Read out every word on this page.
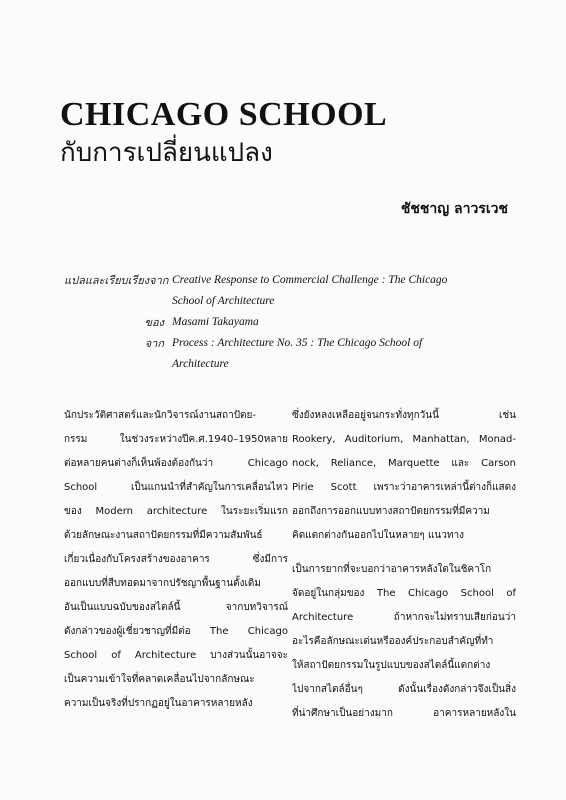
CHICAGO SCHOOL
กับการเปลี่ยนแปลง
ชัชชาญ ลาวรเวช
แปลและเรียบเรียงจาก Creative Response to Commercial Challenge : The Chicago
School of Architecture
ของ Masami Takayama
จาก Process : Architecture No. 35 : The Chicago School of
Architecture
นักประวัติศาสตร์และนักวิจารณ์งานสถาปัตย-
กรรม ในช่วงระหว่างปีค.ศ.1940–1950หลาย
ต่อหลายคนต่างก็เห็นพ้องต้องกันว่า Chicago
School เป็นแกนนำที่สำคัญในการเคลื่อนไหว
ของ Modern architecture ในระยะเริ่มแรก
ด้วยลักษณะงานสถาปัตยกรรมที่มีความสัมพันธ์
เกี่ยวเนื่องกับโครงสร้างของอาคาร ซึ่งมีการ
ออกแบบที่สืบทอดมาจากปรัชญาพื้นฐานดั้งเดิม
อันเป็นแบบฉบับของสไตล์นี้ จากบทวิจารณ์
ดังกล่าวของผู้เชี่ยวชาญที่มีต่อ The Chicago
School of Architecture บางส่วนนั้นอาจจะ
เป็นความเข้าใจที่คลาดเคลื่อนไปจากลักษณะ
ความเป็นจริงที่ปรากฏอยู่ในอาคารหลายหลัง
ซึ่งยังหลงเหลืออยู่จนกระทั่งทุกวันนี้ เช่น
Rookery, Auditorium, Manhattan, Monad-
nock, Reliance, Marquette และ Carson
Pirie Scott เพราะว่าอาคารเหล่านี้ต่างก็แสดง
ออกถึงการออกแบบทางสถาปัตยกรรมที่มีความ
คิดแตกต่างกันออกไปในหลายๆ แนวทาง
เป็นการยากที่จะบอกว่าอาคารหลังใดในชิคาโก
จัดอยู่ในกลุ่มของ The Chicago School of
Architecture ถ้าหากจะไม่ทราบเสียก่อนว่า
อะไรคือลักษณะเด่นหรือองค์ประกอบสำคัญที่ทำ
ให้สถาปัตยกรรมในรูปแบบของสไตล์นี้แตกต่าง
ไปจากสไตล์อื่นๆ ดังนั้นเรื่องดังกล่าวจึงเป็นสิ่ง
ที่น่าศึกษาเป็นอย่างมาก อาคารหลายหลังใน
